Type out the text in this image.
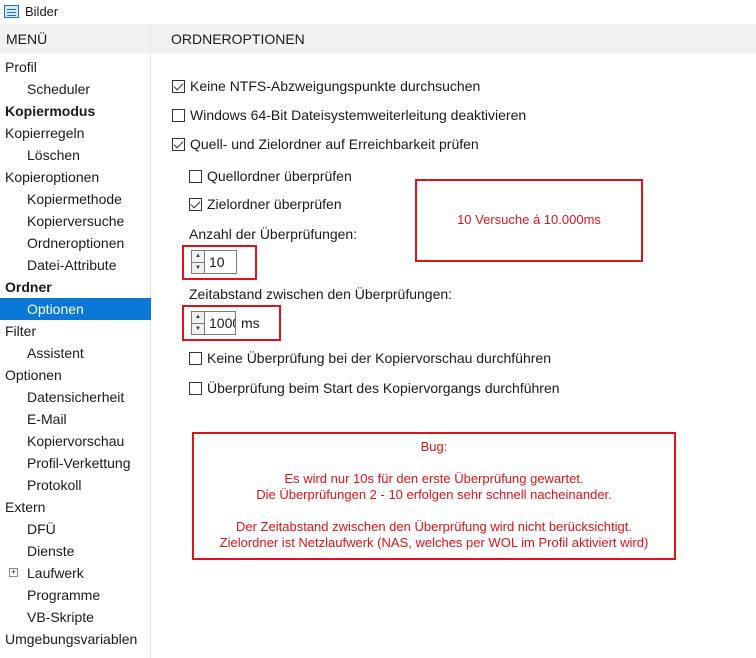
Bilder
MENÜ
Profil
Scheduler
Kopiermodus
Kopierregeln
Löschen
Kopieroptionen
Kopiermethode
Kopierversuche
Ordneroptionen
Datei-Attribute
Ordner
Optionen
Filter
Assistent
Optionen
Datensicherheit
E-Mail
Kopiervorschau
Profil-Verkettung
Protokoll
Extern
DFÜ
Dienste
+ Laufwerk
Programme
VB-Skripte
Umgebungsvariablen
ORDNEROPTIONEN
Keine NTFS-Abzweigungspunkte durchsuchen
Windows 64-Bit Dateisystemweiterleitung deaktivieren
Quell- und Zielordner auf Erreichbarkeit prüfen
Quellordner überprüfen
Zielordner überprüfen
Anzahl der Überprüfungen:
▲
▼
10
Zeitabstand zwischen den Überprüfungen:
▲
▼
1000	ms
Keine Überprüfung bei der Kopiervorschau durchführen
Überprüfung beim Start des Kopiervorgangs durchführen
10 Versuche á 10.000ms
Bug:
Es wird nur 10s für den erste Überprüfung gewartet.
Die Überprüfungen 2 - 10 erfolgen sehr schnell nacheinander.
Der Zeitabstand zwischen den Überprüfung wird nicht berücksichtigt.
Zielordner ist Netzlaufwerk (NAS, welches per WOL im Profil aktiviert wird)
